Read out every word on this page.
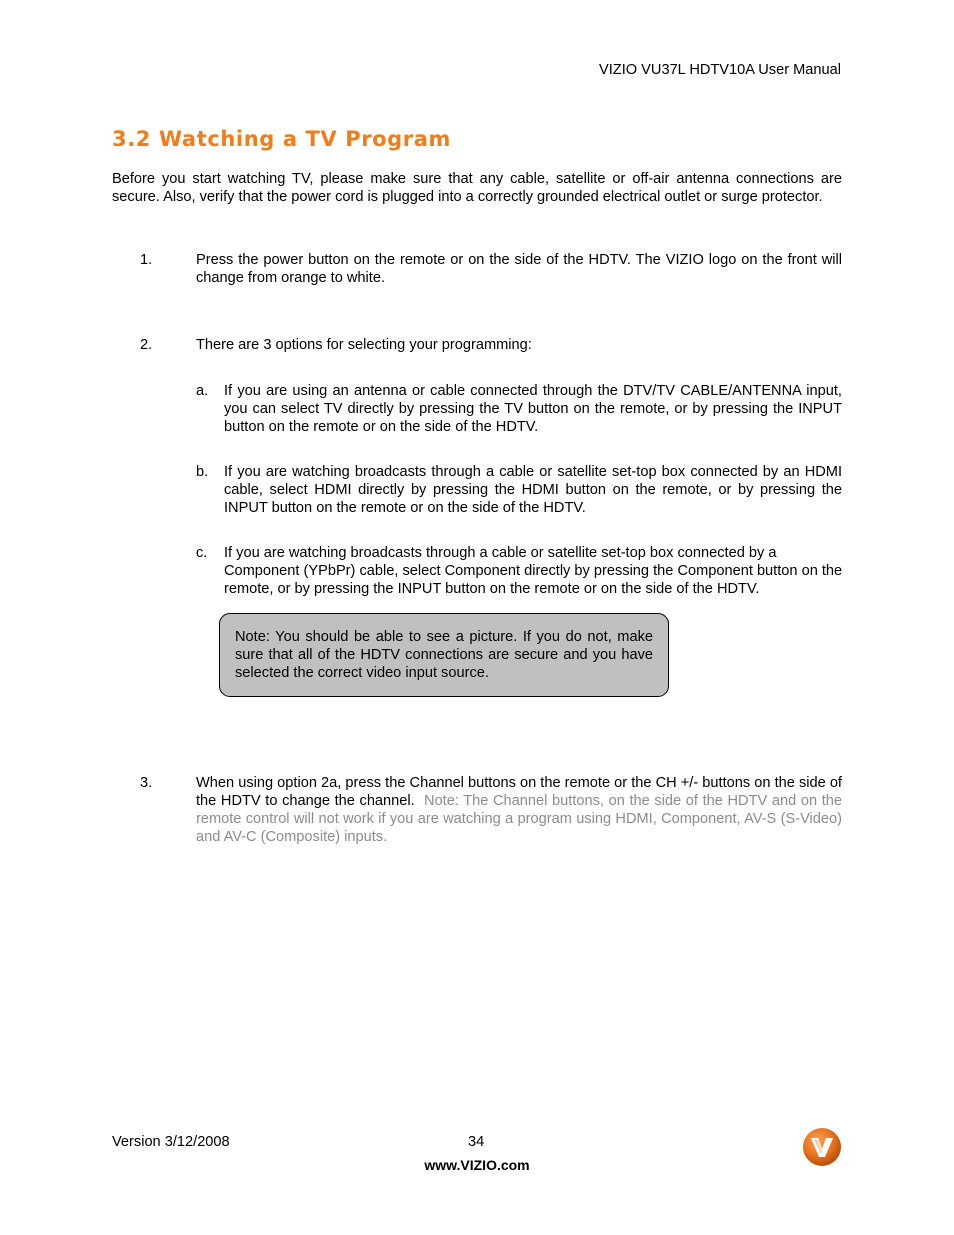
VIZIO VU37L HDTV10A User Manual
3.2 Watching a TV Program
Before you start watching TV, please make sure that any cable, satellite or off-air antenna connections are secure. Also, verify that the power cord is plugged into a correctly grounded electrical outlet or surge protector.
1.	Press the power button on the remote or on the side of the HDTV. The VIZIO logo on the front will change from orange to white.
2.	There are 3 options for selecting your programming:
a. If you are using an antenna or cable connected through the DTV/TV CABLE/ANTENNA input, you can select TV directly by pressing the TV button on the remote, or by pressing the INPUT button on the remote or on the side of the HDTV.
b. If you are watching broadcasts through a cable or satellite set-top box connected by an HDMI cable, select HDMI directly by pressing the HDMI button on the remote, or by pressing the INPUT button on the remote or on the side of the HDTV.
c. If you are watching broadcasts through a cable or satellite set-top box connected by a Component (YPbPr) cable, select Component directly by pressing the Component button on the remote, or by pressing the INPUT button on the remote or on the side of the HDTV.
Note: You should be able to see a picture. If you do not, make sure that all of the HDTV connections are secure and you have selected the correct video input source.
3.	When using option 2a, press the Channel buttons on the remote or the CH +/- buttons on the side of the HDTV to change the channel. Note: The Channel buttons, on the side of the HDTV and on the remote control will not work if you are watching a program using HDMI, Component, AV-S (S-Video) and AV-C (Composite) inputs.
Version 3/12/2008	34
www.VIZIO.com
